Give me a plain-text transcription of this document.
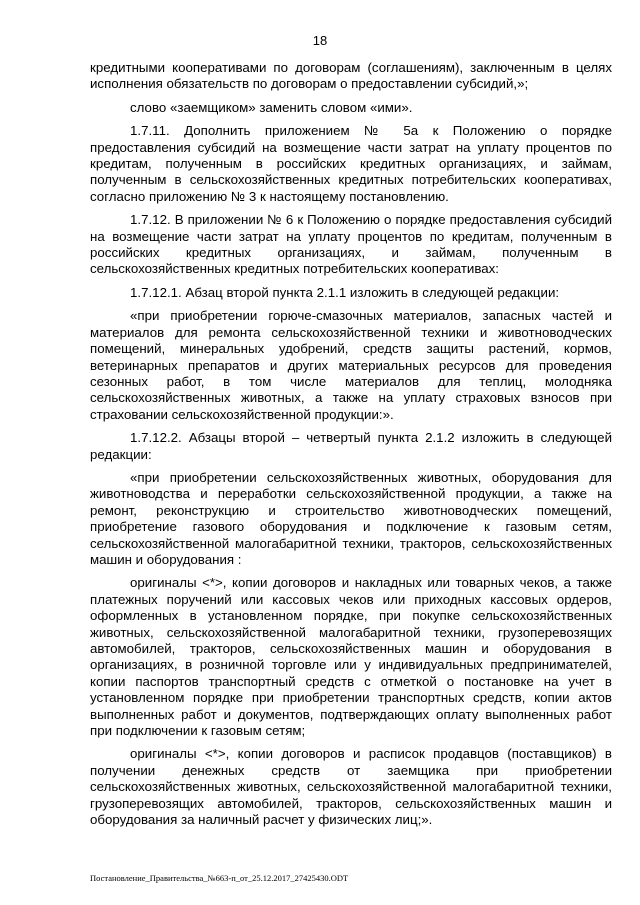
18

кредитными кооперативами по договорам (соглашениям), заключенным в целях исполнения обязательств по договорам о предоставлении субсидий,»;

слово «заемщиком» заменить словом «ими».

1.7.11. Дополнить приложением № 5а к Положению о порядке предоставления субсидий на возмещение части затрат на уплату процентов по кредитам, полученным в российских кредитных организациях, и займам, полученным в сельскохозяйственных кредитных потребительских кооперативах, согласно приложению № 3 к настоящему постановлению.

1.7.12. В приложении № 6 к Положению о порядке предоставления субсидий на возмещение части затрат на уплату процентов по кредитам, полученным в российских кредитных организациях, и займам, полученным в сельскохозяйственных кредитных потребительских кооперативах:

1.7.12.1. Абзац второй пункта 2.1.1 изложить в следующей редакции:

«при приобретении горюче-смазочных материалов, запасных частей и материалов для ремонта сельскохозяйственной техники и животноводческих помещений, минеральных удобрений, средств защиты растений, кормов, ветеринарных препаратов и других материальных ресурсов для проведения сезонных работ, в том числе материалов для теплиц, молодняка сельскохозяйственных животных, а также на уплату страховых взносов при страховании сельскохозяйственной продукции:».

1.7.12.2. Абзацы второй – четвертый пункта 2.1.2 изложить в следующей редакции:

«при приобретении сельскохозяйственных животных, оборудования для животноводства и переработки сельскохозяйственной продукции, а также на ремонт, реконструкцию и строительство животноводческих помещений, приобретение газового оборудования и подключение к газовым сетям, сельскохозяйственной малогабаритной техники, тракторов, сельскохозяйственных машин и оборудования :

оригиналы <*>, копии договоров и накладных или товарных чеков, а также платежных поручений или кассовых чеков или приходных кассовых ордеров, оформленных в установленном порядке, при покупке сельскохозяйственных животных, сельскохозяйственной малогабаритной техники, грузоперевозящих автомобилей, тракторов, сельскохозяйственных машин и оборудования в организациях, в розничной торговле или у индивидуальных предпринимателей, копии паспортов транспортный средств с отметкой о постановке на учет в установленном порядке при приобретении транспортных средств, копии актов выполненных работ и документов, подтверждающих оплату выполненных работ при подключении к газовым сетям;

оригиналы <*>, копии договоров и расписок продавцов (поставщиков) в получении денежных средств от заемщика при приобретении сельскохозяйственных животных, сельскохозяйственной малогабаритной техники, грузоперевозящих автомобилей, тракторов, сельскохозяйственных машин и оборудования за наличный расчет у физических лиц;».

Постановление_Правительства_№663-п_от_25.12.2017_27425430.ODT
